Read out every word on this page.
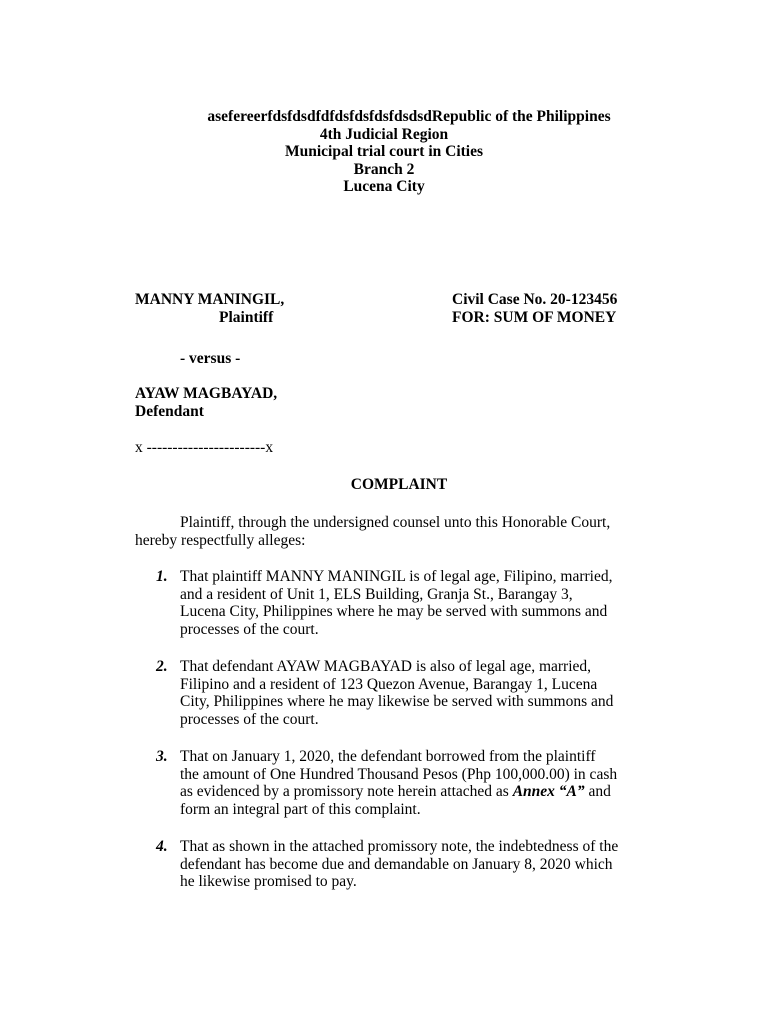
asefereerfdsfdsdfdfdsfdsfdsfdsdsdRepublic of the Philippines
4th Judicial Region
Municipal trial court in Cities
Branch 2
Lucena City
MANNY MANINGIL,
Plaintiff
Civil Case No. 20-123456
FOR: SUM OF MONEY
- versus -
AYAW MAGBAYAD,
Defendant
x -----------------------x
COMPLAINT
Plaintiff, through the undersigned counsel unto this Honorable Court,
hereby respectfully alleges:
1. That plaintiff MANNY MANINGIL is of legal age, Filipino, married,
and a resident of Unit 1, ELS Building, Granja St., Barangay 3,
Lucena City, Philippines where he may be served with summons and
processes of the court.
2. That defendant AYAW MAGBAYAD is also of legal age, married,
Filipino and a resident of 123 Quezon Avenue, Barangay 1, Lucena
City, Philippines where he may likewise be served with summons and
processes of the court.
3. That on January 1, 2020, the defendant borrowed from the plaintiff
the amount of One Hundred Thousand Pesos (Php 100,000.00) in cash
as evidenced by a promissory note herein attached as Annex “A” and
form an integral part of this complaint.
4. That as shown in the attached promissory note, the indebtedness of the
defendant has become due and demandable on January 8, 2020 which
he likewise promised to pay.
